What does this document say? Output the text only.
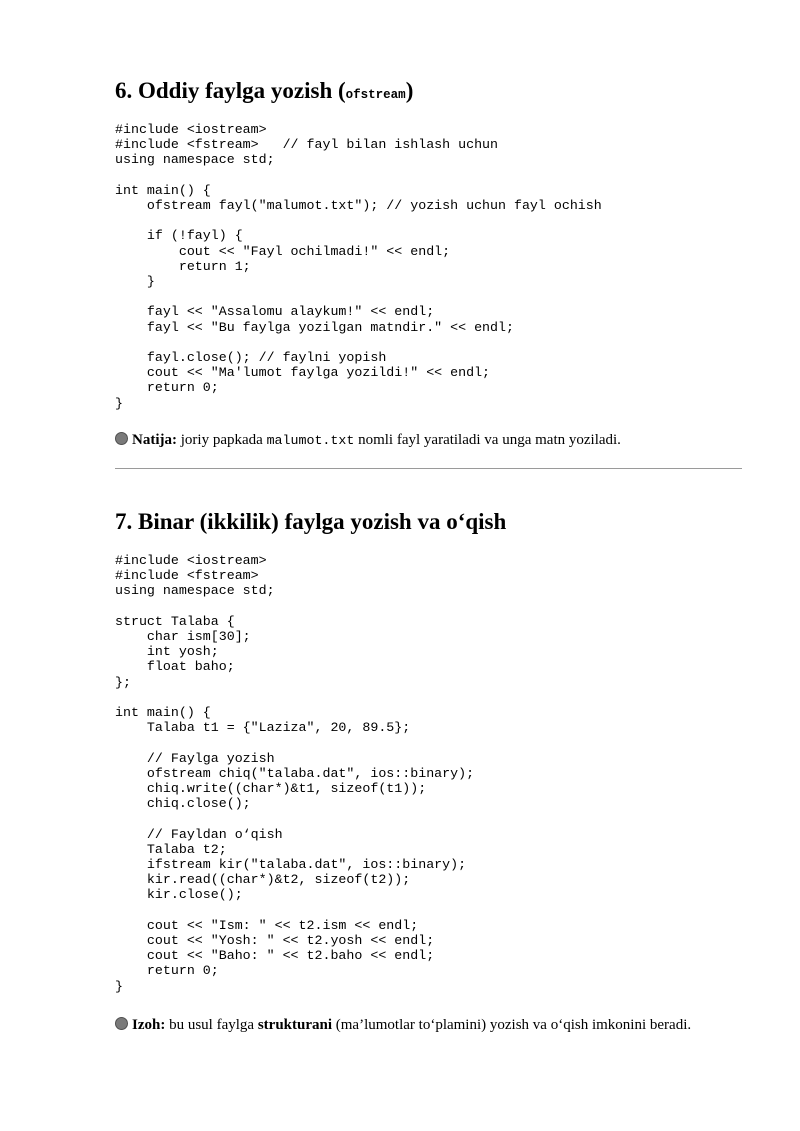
6. Oddiy faylga yozish (ofstream)
#include <iostream>
#include <fstream>   // fayl bilan ishlash uchun
using namespace std;

int main() {
ofstream fayl("malumot.txt"); // yozish uchun fayl ochish

if (!fayl) {
cout << "Fayl ochilmadi!" << endl;
return 1;
}

fayl << "Assalomu alaykum!" << endl;
fayl << "Bu faylga yozilgan matndir." << endl;

fayl.close(); // faylni yopish
cout << "Ma'lumot faylga yozildi!" << endl;
return 0;
}
Natija: joriy papkada malumot.txt nomli fayl yaratiladi va unga matn yoziladi.
7. Binar (ikkilik) faylga yozish va o‘qish
#include <iostream>
#include <fstream>
using namespace std;

struct Talaba {
char ism[30];
int yosh;
float baho;
};

int main() {
Talaba t1 = {"Laziza", 20, 89.5};

// Faylga yozish
ofstream chiq("talaba.dat", ios::binary);
chiq.write((char*)&t1, sizeof(t1));
chiq.close();

// Fayldan o‘qish
Talaba t2;
ifstream kir("talaba.dat", ios::binary);
kir.read((char*)&t2, sizeof(t2));
kir.close();

cout << "Ism: " << t2.ism << endl;
cout << "Yosh: " << t2.yosh << endl;
cout << "Baho: " << t2.baho << endl;
return 0;
}
Izoh: bu usul faylga strukturani (ma’lumotlar to‘plamini) yozish va o‘qish imkonini beradi.
